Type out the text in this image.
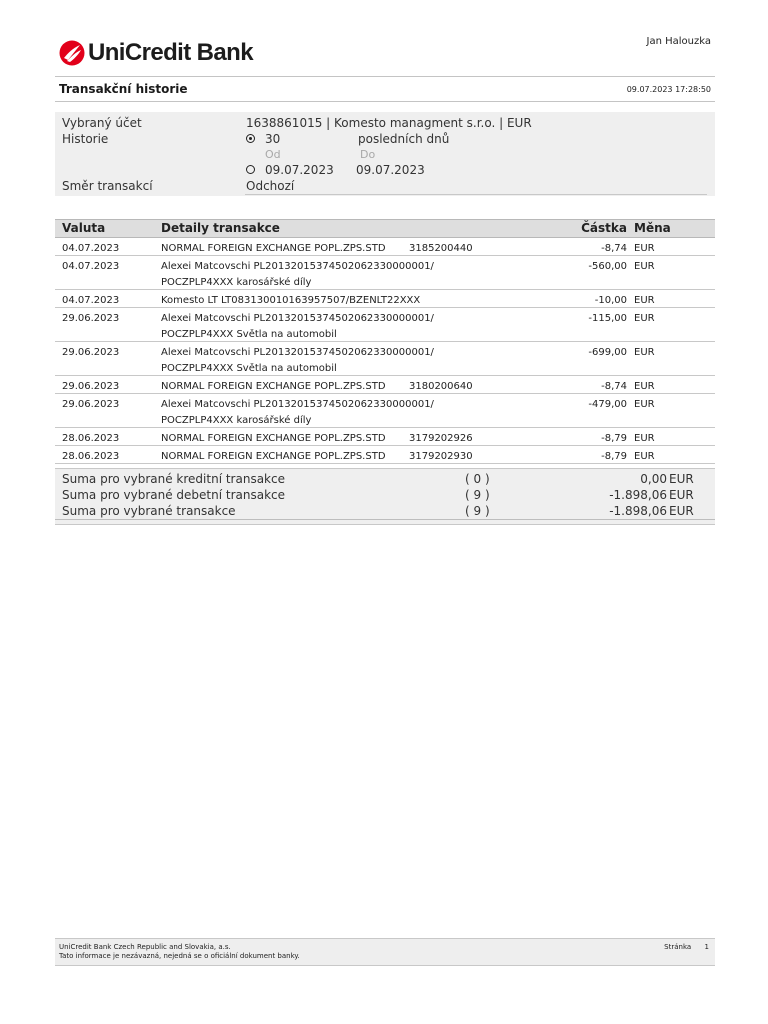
UniCredit Bank	Jan Halouzka
Transakční historie	09.07.2023 17:28:50
Vybraný účet	1638861015 | Komesto managment s.r.o. | EUR
Historie	30	posledních dnů
Od	Do
09.07.2023 09.07.2023
Směr transakcí	Odchozí
Valuta	Detaily transakce	Částka Měna
04.07.2023	NORMAL FOREIGN EXCHANGE POPL.ZPS.STD	3185200440	-8,74 EUR
04.07.2023	Alexei Matcovschi PL20132015374502062330000001/
POCZPLP4XXX karosářské díly
-560,00 EUR
04.07.2023	Komesto LT LT083130010163957507/BZENLT22XXX	-10,00 EUR
29.06.2023	Alexei Matcovschi PL20132015374502062330000001/
POCZPLP4XXX Světla na automobil
-115,00 EUR
29.06.2023	Alexei Matcovschi PL20132015374502062330000001/
POCZPLP4XXX Světla na automobil
-699,00 EUR
29.06.2023	NORMAL FOREIGN EXCHANGE POPL.ZPS.STD	3180200640	-8,74 EUR
29.06.2023	Alexei Matcovschi PL20132015374502062330000001/
POCZPLP4XXX karosářské díly
-479,00 EUR
28.06.2023	NORMAL FOREIGN EXCHANGE POPL.ZPS.STD	3179202926	-8,79 EUR
28.06.2023	NORMAL FOREIGN EXCHANGE POPL.ZPS.STD	3179202930	-8,79 EUR
Suma pro vybrané kreditní transakce	( 0 )	0,00 EUR
Suma pro vybrané debetní transakce	( 9 )	-1.898,06 EUR
Suma pro vybrané transakce	( 9 )	-1.898,06 EUR
UniCredit Bank Czech Republic and Slovakia, a.s.
Tato informace je nezávazná, nejedná se o oficiální dokument banky.
Stránka 1
